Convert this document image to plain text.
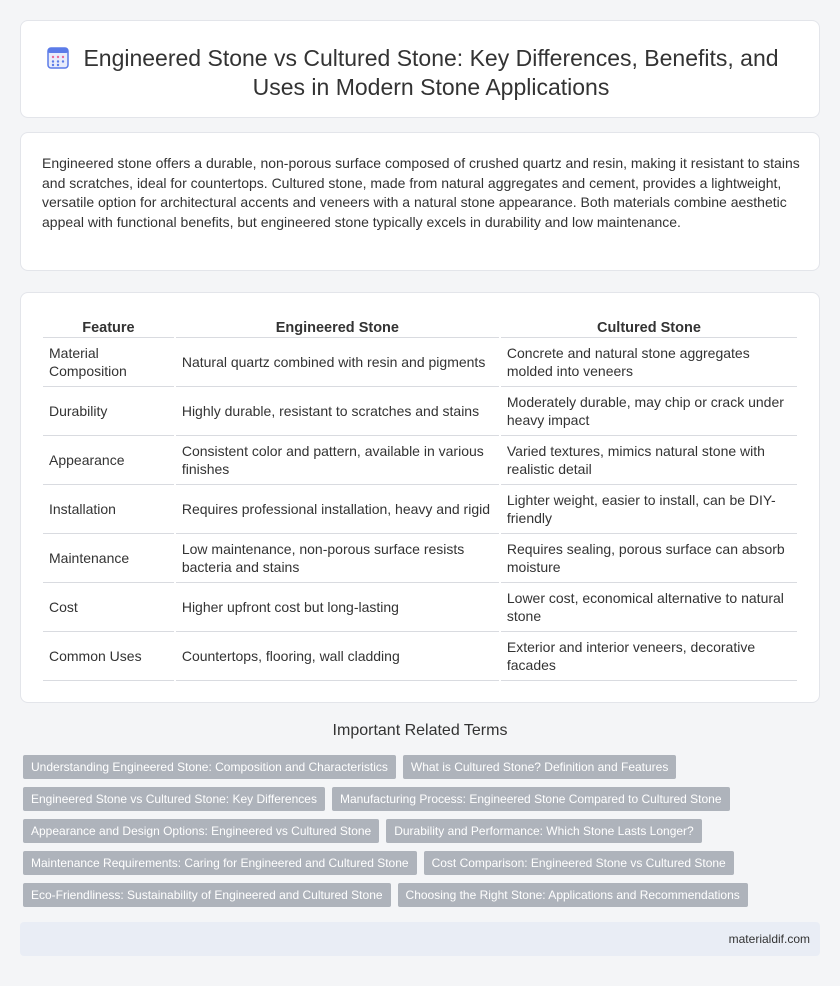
Engineered Stone vs Cultured Stone: Key Differences, Benefits, and Uses in Modern Stone Applications

Engineered stone offers a durable, non-porous surface composed of crushed quartz and resin, making it resistant to stains and scratches, ideal for countertops. Cultured stone, made from natural aggregates and cement, provides a lightweight, versatile option for architectural accents and veneers with a natural stone appearance. Both materials combine aesthetic appeal with functional benefits, but engineered stone typically excels in durability and low maintenance.

Feature	Engineered Stone	Cultured Stone
Material Composition	Natural quartz combined with resin and pigments	Concrete and natural stone aggregates molded into veneers
Durability	Highly durable, resistant to scratches and stains	Moderately durable, may chip or crack under heavy impact
Appearance	Consistent color and pattern, available in various finishes	Varied textures, mimics natural stone with realistic detail
Installation	Requires professional installation, heavy and rigid	Lighter weight, easier to install, can be DIY-friendly
Maintenance	Low maintenance, non-porous surface resists bacteria and stains	Requires sealing, porous surface can absorb moisture
Cost	Higher upfront cost but long-lasting	Lower cost, economical alternative to natural stone
Common Uses	Countertops, flooring, wall cladding	Exterior and interior veneers, decorative facades
Important Related Terms
Understanding Engineered Stone: Composition and Characteristics	What is Cultured Stone? Definition and Features
Engineered Stone vs Cultured Stone: Key Differences	Manufacturing Process: Engineered Stone Compared to Cultured Stone
Appearance and Design Options: Engineered vs Cultured Stone	Durability and Performance: Which Stone Lasts Longer?
Maintenance Requirements: Caring for Engineered and Cultured Stone	Cost Comparison: Engineered Stone vs Cultured Stone
Eco-Friendliness: Sustainability of Engineered and Cultured Stone	Choosing the Right Stone: Applications and Recommendations
materialdif.com
